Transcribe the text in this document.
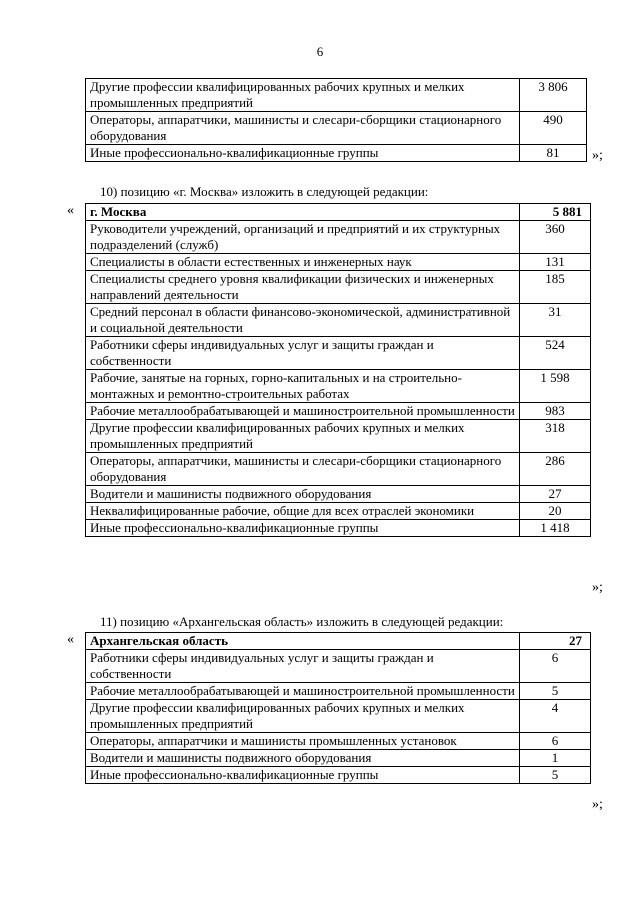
6
Другие профессии квалифицированных рабочих крупных и мелких промышленных предприятий	3 806
Операторы, аппаратчики, машинисты и слесари-сборщики стационарного оборудования	490
Иные профессионально-квалификационные группы	81 »;
10) позицию «г. Москва» изложить в следующей редакции:
« г. Москва	5 881
Руководители учреждений, организаций и предприятий и их структурных подразделений (служб)	360
Специалисты в области естественных и инженерных наук	131
Специалисты среднего уровня квалификации физических и инженерных направлений деятельности	185
Средний персонал в области финансово-экономической, административной и социальной деятельности	31
Работники сферы индивидуальных услуг и защиты граждан и собственности	524
Рабочие, занятые на горных, горно-капитальных и на строительно-монтажных и ремонтно-строительных работах	1 598
Рабочие металлообрабатывающей и машиностроительной промышленности	983
Другие профессии квалифицированных рабочих крупных и мелких промышленных предприятий	318
Операторы, аппаратчики, машинисты и слесари-сборщики стационарного оборудования	286
Водители и машинисты подвижного оборудования	27
Неквалифицированные рабочие, общие для всех отраслей экономики	20
Иные профессионально-квалификационные группы	1 418
»;
11) позицию «Архангельская область» изложить в следующей редакции:
« Архангельская область	27
Работники сферы индивидуальных услуг и защиты граждан и собственности	6
Рабочие металлообрабатывающей и машиностроительной промышленности	5
Другие профессии квалифицированных рабочих крупных и мелких промышленных предприятий	4
Операторы, аппаратчики и машинисты промышленных установок	6
Водители и машинисты подвижного оборудования	1
Иные профессионально-квалификационные группы	5
»;
